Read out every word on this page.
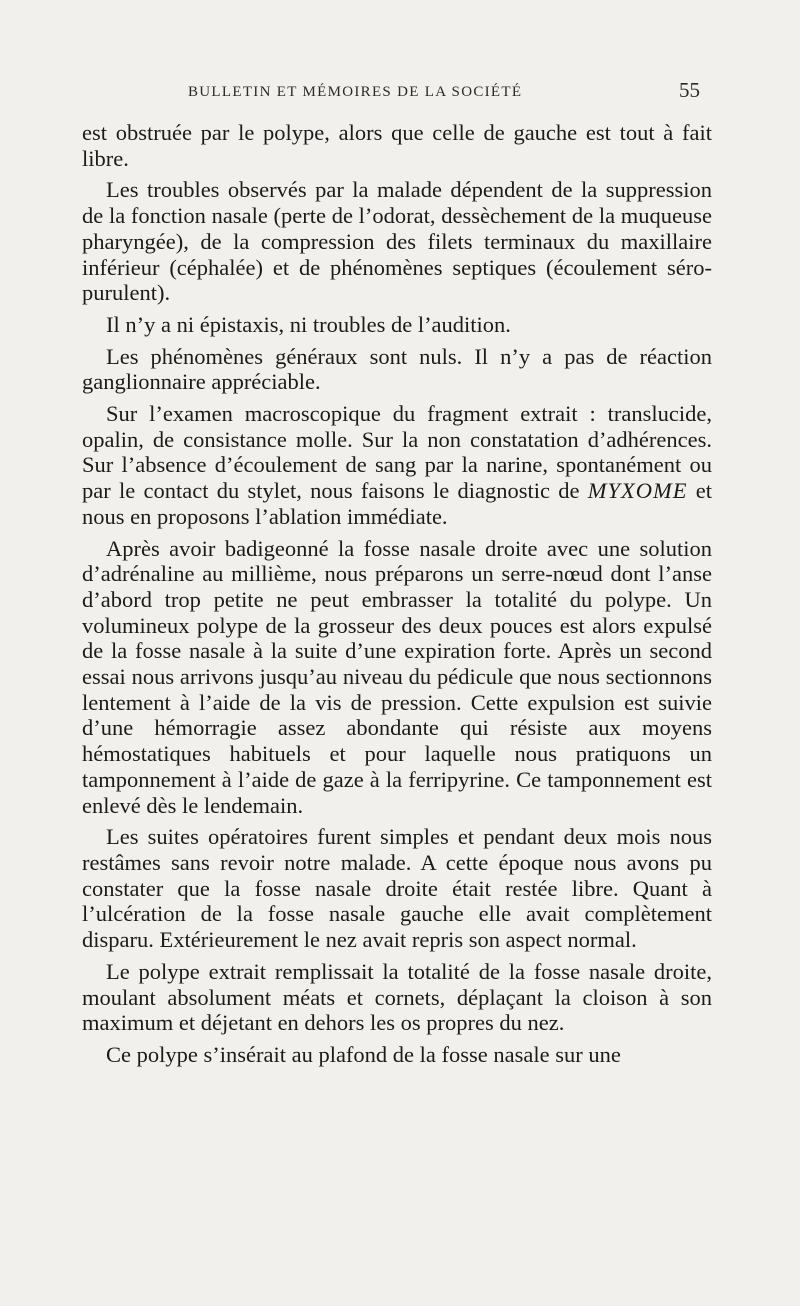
BULLETIN ET MÉMOIRES DE LA SOCIÉTÉ	55

est obstruée par le polype, alors que celle de gauche est tout à fait libre.

Les troubles observés par la malade dépendent de la suppression de la fonction nasale (perte de l’odorat, dessèchement de la muqueuse pharyngée), de la compression des filets terminaux du maxillaire inférieur (céphalée) et de phénomènes septiques (écoulement séro-purulent).

Il n’y a ni épistaxis, ni troubles de l’audition.

Les phénomènes généraux sont nuls. Il n’y a pas de réaction ganglionnaire appréciable.

Sur l’examen macroscopique du fragment extrait : translucide, opalin, de consistance molle. Sur la non constatation d’adhérences. Sur l’absence d’écoulement de sang par la narine, spontanément ou par le contact du stylet, nous faisons le diagnostic de MYXOME et nous en proposons l’ablation immédiate.

Après avoir badigeonné la fosse nasale droite avec une solution d’adrénaline au millième, nous préparons un serre-nœud dont l’anse d’abord trop petite ne peut embrasser la totalité du polype. Un volumineux polype de la grosseur des deux pouces est alors expulsé de la fosse nasale à la suite d’une expiration forte. Après un second essai nous arrivons jusqu’au niveau du pédicule que nous sectionnons lentement à l’aide de la vis de pression. Cette expulsion est suivie d’une hémorragie assez abondante qui résiste aux moyens hémostatiques habituels et pour laquelle nous pratiquons un tamponnement à l’aide de gaze à la ferripyrine. Ce tamponnement est enlevé dès le lendemain.

Les suites opératoires furent simples et pendant deux mois nous restâmes sans revoir notre malade. A cette époque nous avons pu constater que la fosse nasale droite était restée libre. Quant à l’ulcération de la fosse nasale gauche elle avait complètement disparu. Extérieurement le nez avait repris son aspect normal.

Le polype extrait remplissait la totalité de la fosse nasale droite, moulant absolument méats et cornets, déplaçant la cloison à son maximum et déjetant en dehors les os propres du nez.

Ce polype s’insérait au plafond de la fosse nasale sur une
